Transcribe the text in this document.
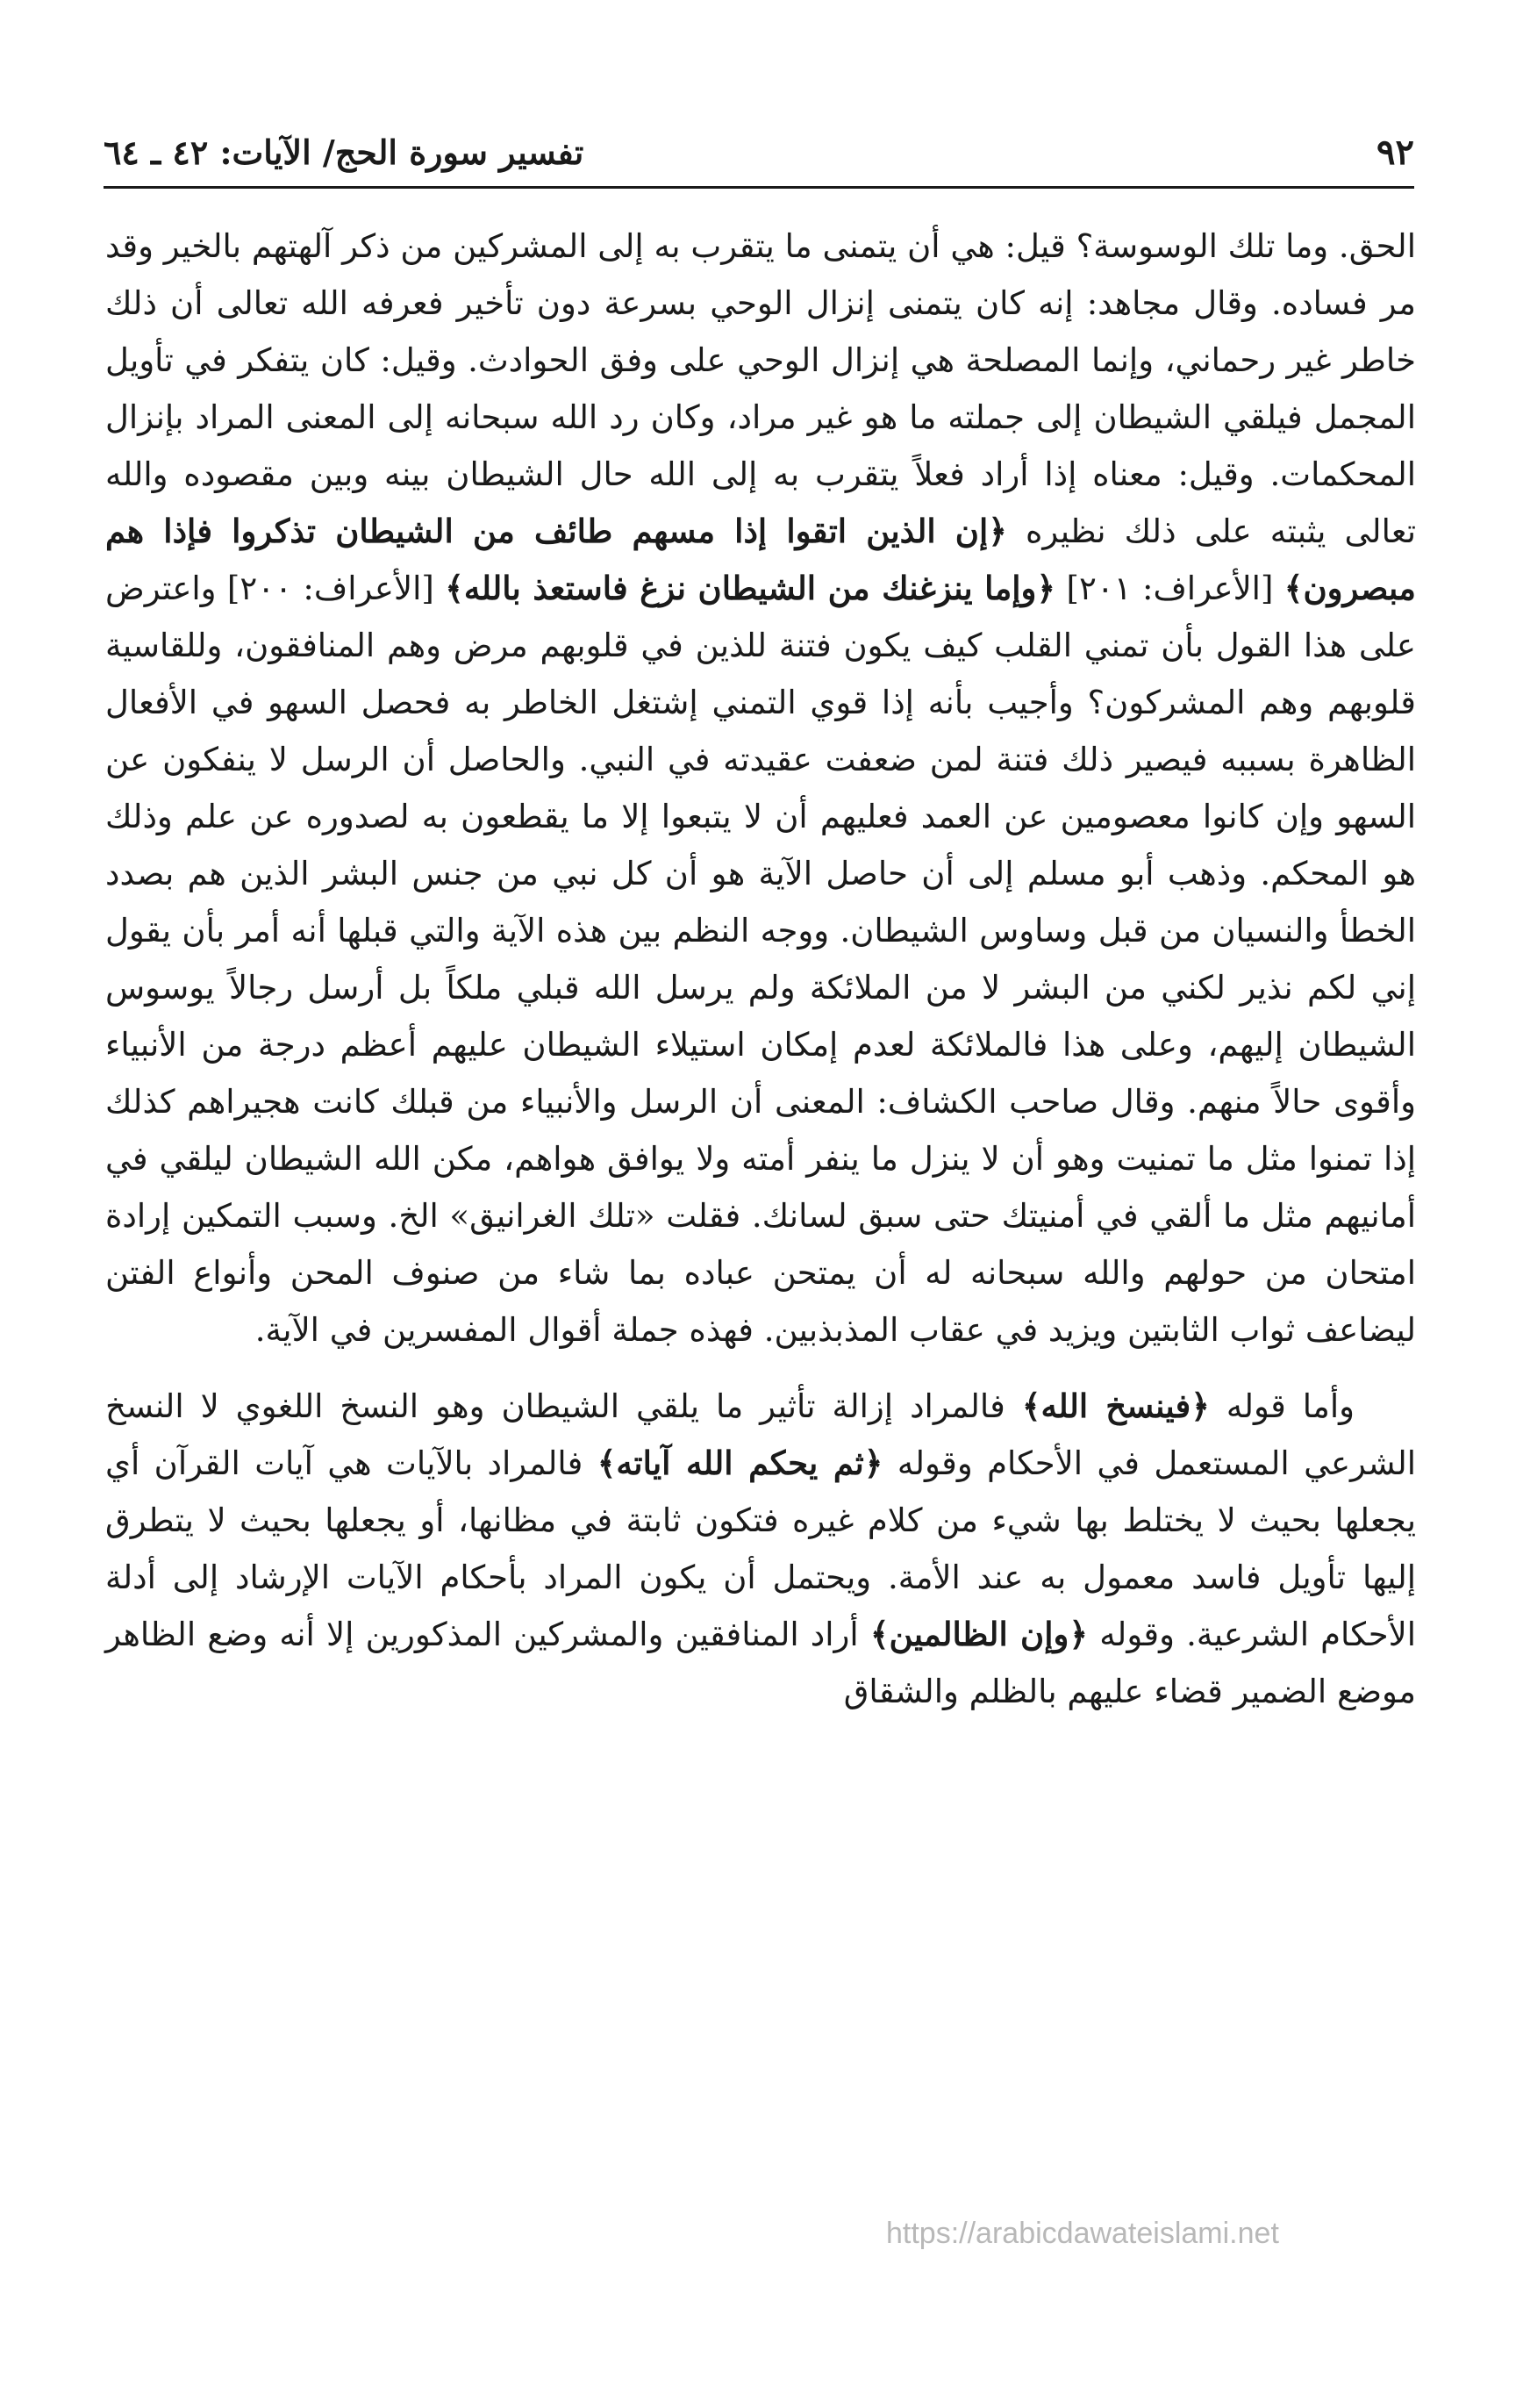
٩٢
تفسير سورة الحج/ الآيات: ٤٢ ـ ٦٤

الحق. وما تلك الوسوسة؟ قيل: هي أن يتمنى ما يتقرب به إلى المشركين من ذكر آلهتهم بالخير وقد مر فساده. وقال مجاهد: إنه كان يتمنى إنزال الوحي بسرعة دون تأخير فعرفه الله تعالى أن ذلك خاطر غير رحماني، وإنما المصلحة هي إنزال الوحي على وفق الحوادث. وقيل: كان يتفكر في تأويل المجمل فيلقي الشيطان إلى جملته ما هو غير مراد، وكان رد الله سبحانه إلى المعنى المراد بإنزال المحكمات. وقيل: معناه إذا أراد فعلاً يتقرب به إلى الله حال الشيطان بينه وبين مقصوده والله تعالى يثبته على ذلك نظيره ﴿إن الذين اتقوا إذا مسهم طائف من الشيطان تذكروا فإذا هم مبصرون﴾ [الأعراف: ٢٠١] ﴿وإما ينزغنك من الشيطان نزغ فاستعذ بالله﴾ [الأعراف: ٢٠٠] واعترض على هذا القول بأن تمني القلب كيف يكون فتنة للذين في قلوبهم مرض وهم المنافقون، وللقاسية قلوبهم وهم المشركون؟ وأجيب بأنه إذا قوي التمني إشتغل الخاطر به فحصل السهو في الأفعال الظاهرة بسببه فيصير ذلك فتنة لمن ضعفت عقيدته في النبي. والحاصل أن الرسل لا ينفكون عن السهو وإن كانوا معصومين عن العمد فعليهم أن لا يتبعوا إلا ما يقطعون به لصدوره عن علم وذلك هو المحكم. وذهب أبو مسلم إلى أن حاصل الآية هو أن كل نبي من جنس البشر الذين هم بصدد الخطأ والنسيان من قبل وساوس الشيطان. ووجه النظم بين هذه الآية والتي قبلها أنه أمر بأن يقول إني لكم نذير لكني من البشر لا من الملائكة ولم يرسل الله قبلي ملكاً بل أرسل رجالاً يوسوس الشيطان إليهم، وعلى هذا فالملائكة لعدم إمكان استيلاء الشيطان عليهم أعظم درجة من الأنبياء وأقوى حالاً منهم. وقال صاحب الكشاف: المعنى أن الرسل والأنبياء من قبلك كانت هجيراهم كذلك إذا تمنوا مثل ما تمنيت وهو أن لا ينزل ما ينفر أمته ولا يوافق هواهم، مكن الله الشيطان ليلقي في أمانيهم مثل ما ألقي في أمنيتك حتى سبق لسانك. فقلت «تلك الغرانيق» الخ. وسبب التمكين إرادة امتحان من حولهم والله سبحانه له أن يمتحن عباده بما شاء من صنوف المحن وأنواع الفتن ليضاعف ثواب الثابتين ويزيد في عقاب المذبذبين. فهذه جملة أقوال المفسرين في الآية.

وأما قوله ﴿فينسخ الله﴾ فالمراد إزالة تأثير ما يلقي الشيطان وهو النسخ اللغوي لا النسخ الشرعي المستعمل في الأحكام وقوله ﴿ثم يحكم الله آياته﴾ فالمراد بالآيات هي آيات القرآن أي يجعلها بحيث لا يختلط بها شيء من كلام غيره فتكون ثابتة في مظانها، أو يجعلها بحيث لا يتطرق إليها تأويل فاسد معمول به عند الأمة. ويحتمل أن يكون المراد بأحكام الآيات الإرشاد إلى أدلة الأحكام الشرعية. وقوله ﴿وإن الظالمين﴾ أراد المنافقين والمشركين المذكورين إلا أنه وضع الظاهر موضع الضمير قضاء عليهم بالظلم والشقاق

https://arabicdawateislami.net
